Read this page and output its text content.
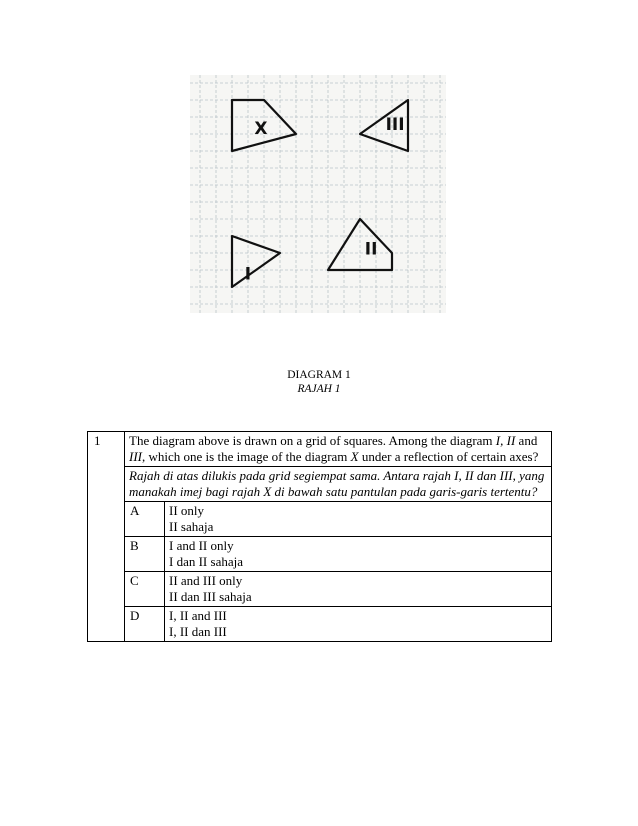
X	III
I
II
DIAGRAM 1
RAJAH 1
1	The diagram above is drawn on a grid of squares. Among the diagram I, II and III, which one is the image of the diagram X under a reflection of certain axes?	

	Rajah di atas dilukis pada grid segiempat sama. Antara rajah I, II dan III, yang
manakah imej bagi rajah X di bawah satu pantulan pada garis-garis tertentu?	

	A	II only
II sahaja

	B	I and II only
I dan II sahaja

	C	II and III only
II dan III sahaja

	D	I, II and III
I, II dan III
